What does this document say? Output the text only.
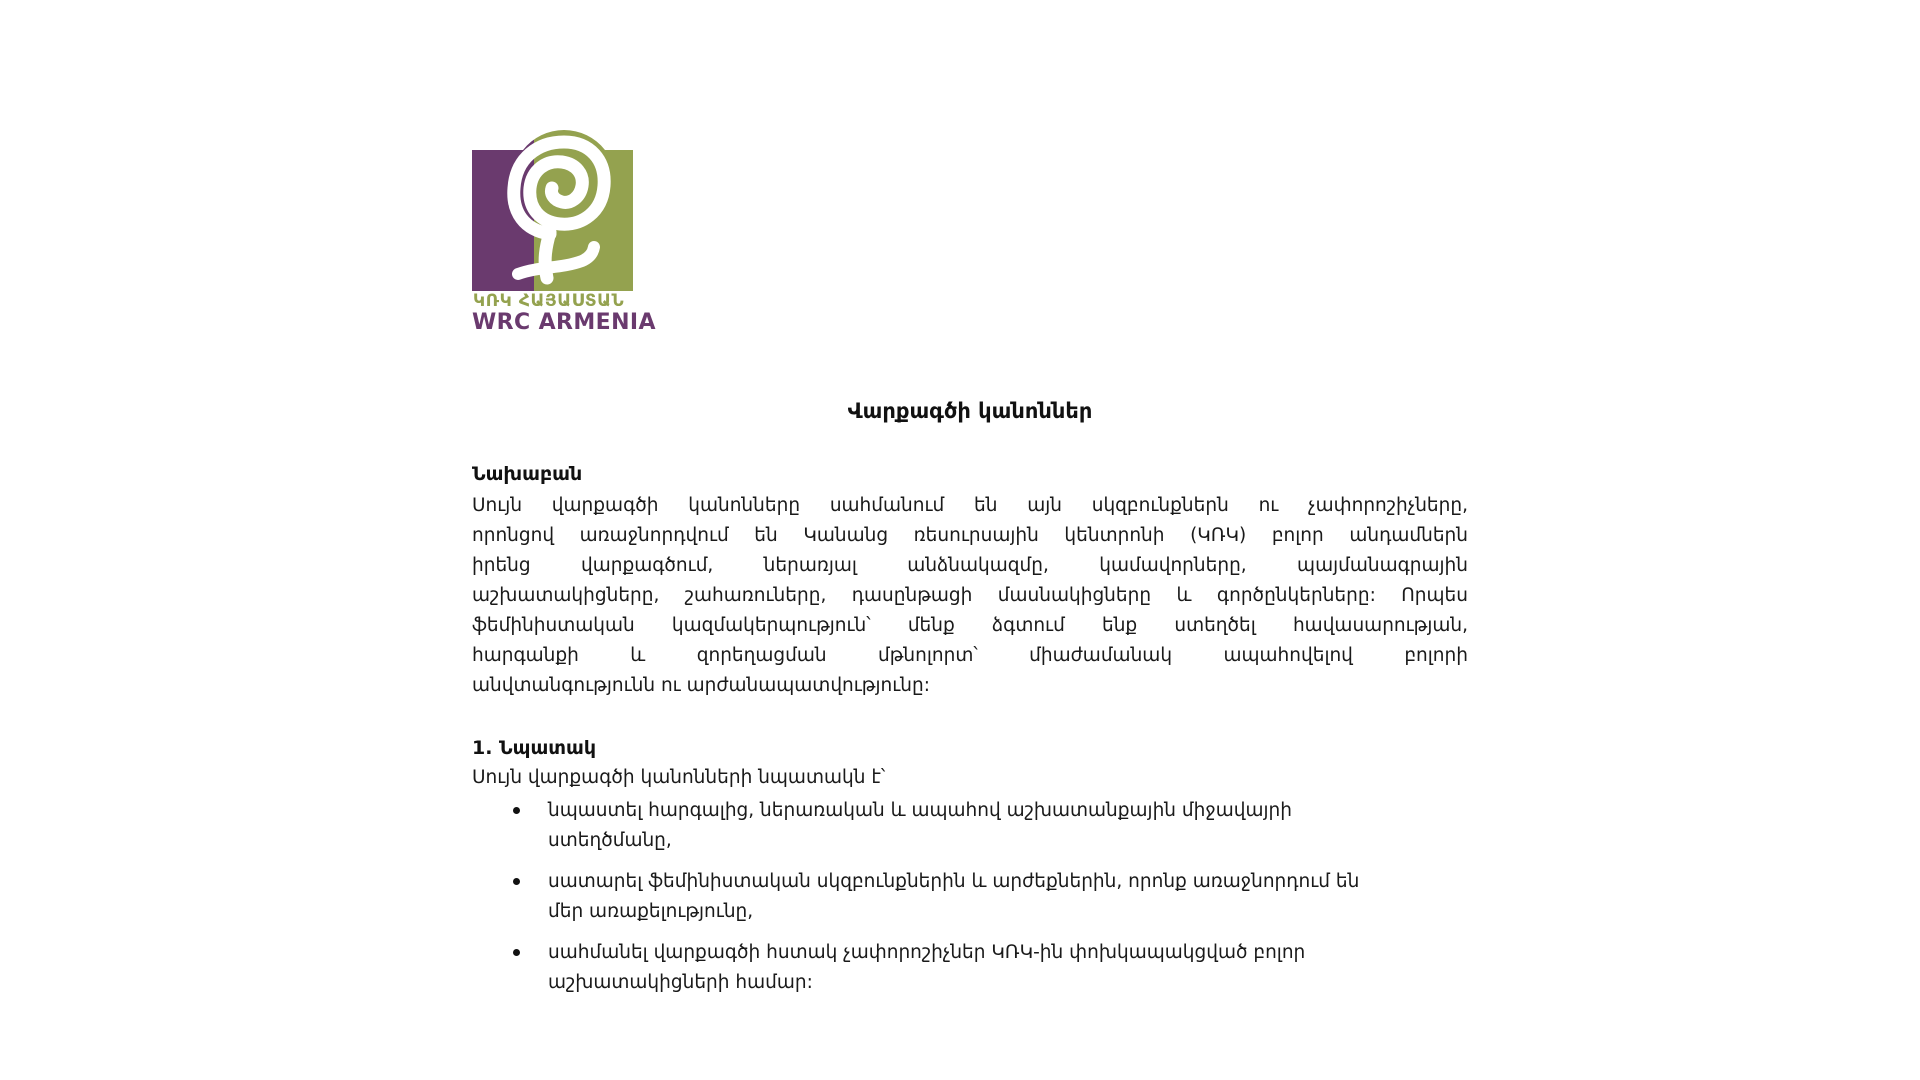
ԿՌԿ ՀԱՅԱՍՏԱՆ
WRC ARMENIA
Վարքագծի կանոններ
Նախաբան
Սույն վարքագծի կանոնները սահմանում են այն սկզբունքներն ու չափորոշիչները,
որոնցով առաջնորդվում են Կանանց ռեսուրսային կենտրոնի (ԿՌԿ) բոլոր անդամներն
իրենց վարքագծում, ներառյալ անձնակազմը, կամավորները, պայմանագրային
աշխատակիցները, շահառուները, դասընթացի մասնակիցները և գործընկերները: Որպես
ֆեմինիստական կազմակերպություն՝ մենք ձգտում ենք ստեղծել հավասարության,
հարգանքի և զորեղացման մթնոլորտ՝ միաժամանակ ապահովելով բոլորի
անվտանգությունն ու արժանապատվությունը:
1. Նպատակ
Սույն վարքագծի կանոնների նպատակն է՝
նպաստել հարգալից, ներառական և ապահով աշխատանքային միջավայրի
ստեղծմանը,
սատարել ֆեմինիստական սկզբունքներին և արժեքներին, որոնք առաջնորդում են
մեր առաքելությունը,
սահմանել վարքագծի հստակ չափորոշիչներ ԿՌԿ-ին փոխկապակցված բոլոր
աշխատակիցների համար:
